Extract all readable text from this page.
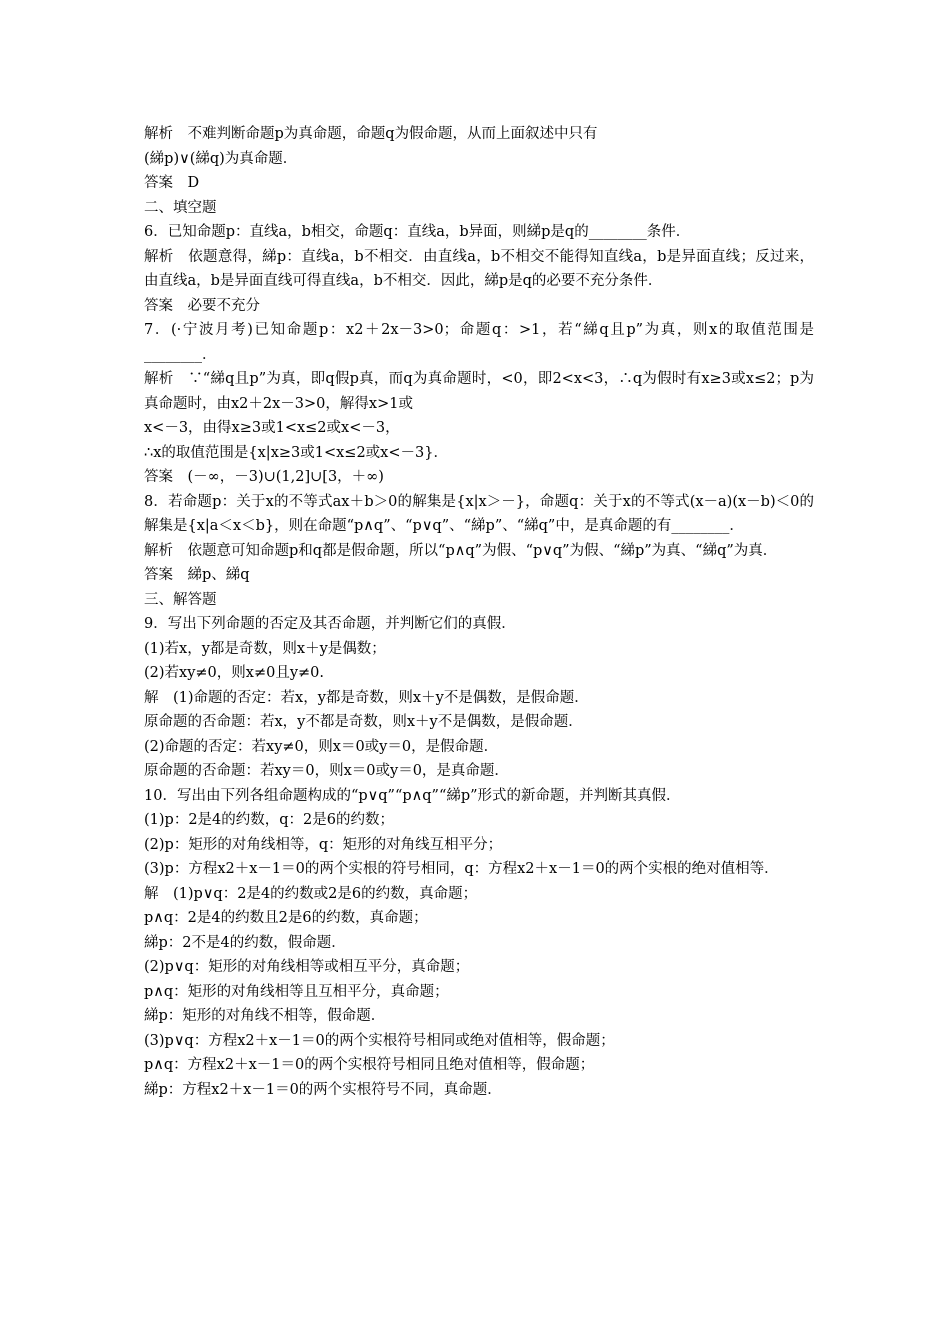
解析　不难判断命题p为真命题，命题q为假命题，从而上面叙述中只有
(綈p)∨(綈q)为真命题．
答案　D
二、填空题
6．已知命题p：直线a，b相交，命题q：直线a，b异面，则綈p是q的________条件．
解析　依题意得，綈p：直线a，b不相交．由直线a，b不相交不能得知直线a，b是异面直线；反过来，由直线a，b是异面直线可得直线a，b不相交．因此，綈p是q的必要不充分条件．
答案　必要不充分
7．(·宁波月考)已知命题p：x2＋2x－3>0；命题q：>1，若“綈q且p”为真，则x的取值范围是________．
解析　∵“綈q且p”为真，即q假p真，而q为真命题时，<0，即2<x<3，∴q为假时有x≥3或x≤2；p为真命题时，由x2＋2x－3>0，解得x>1或
x<－3，由得x≥3或1<x≤2或x<－3，
∴x的取值范围是{x|x≥3或1<x≤2或x<－3}．
答案　(－∞，－3)∪(1,2]∪[3，＋∞)
8．若命题p：关于x的不等式ax＋b＞0的解集是{x|x＞－}，命题q：关于x的不等式(x－a)(x－b)＜0的解集是{x|a＜x＜b}，则在命题“p∧q”、“p∨q”、“綈p”、“綈q”中，是真命题的有________．
解析　依题意可知命题p和q都是假命题，所以“p∧q”为假、“p∨q”为假、“綈p”为真、“綈q”为真．
答案　綈p、綈q
三、解答题
9．写出下列命题的否定及其否命题，并判断它们的真假．
(1)若x，y都是奇数，则x＋y是偶数；
(2)若xy≠0，则x≠0且y≠0.
解　(1)命题的否定：若x，y都是奇数，则x＋y不是偶数，是假命题．
原命题的否命题：若x，y不都是奇数，则x＋y不是偶数，是假命题．
(2)命题的否定：若xy≠0，则x＝0或y＝0，是假命题．
原命题的否命题：若xy＝0，则x＝0或y＝0，是真命题．
10．写出由下列各组命题构成的“p∨q”“p∧q”“綈p”形式的新命题，并判断其真假．
(1)p：2是4的约数，q：2是6的约数；
(2)p：矩形的对角线相等，q：矩形的对角线互相平分；
(3)p：方程x2＋x－1＝0的两个实根的符号相同，q：方程x2＋x－1＝0的两个实根的绝对值相等．
解　(1)p∨q：2是4的约数或2是6的约数，真命题；
p∧q：2是4的约数且2是6的约数，真命题；
綈p：2不是4的约数，假命题．
(2)p∨q：矩形的对角线相等或相互平分，真命题；
p∧q：矩形的对角线相等且互相平分，真命题；
綈p：矩形的对角线不相等，假命题．
(3)p∨q：方程x2＋x－1＝0的两个实根符号相同或绝对值相等，假命题；
p∧q：方程x2＋x－1＝0的两个实根符号相同且绝对值相等，假命题；
綈p：方程x2＋x－1＝0的两个实根符号不同，真命题．
